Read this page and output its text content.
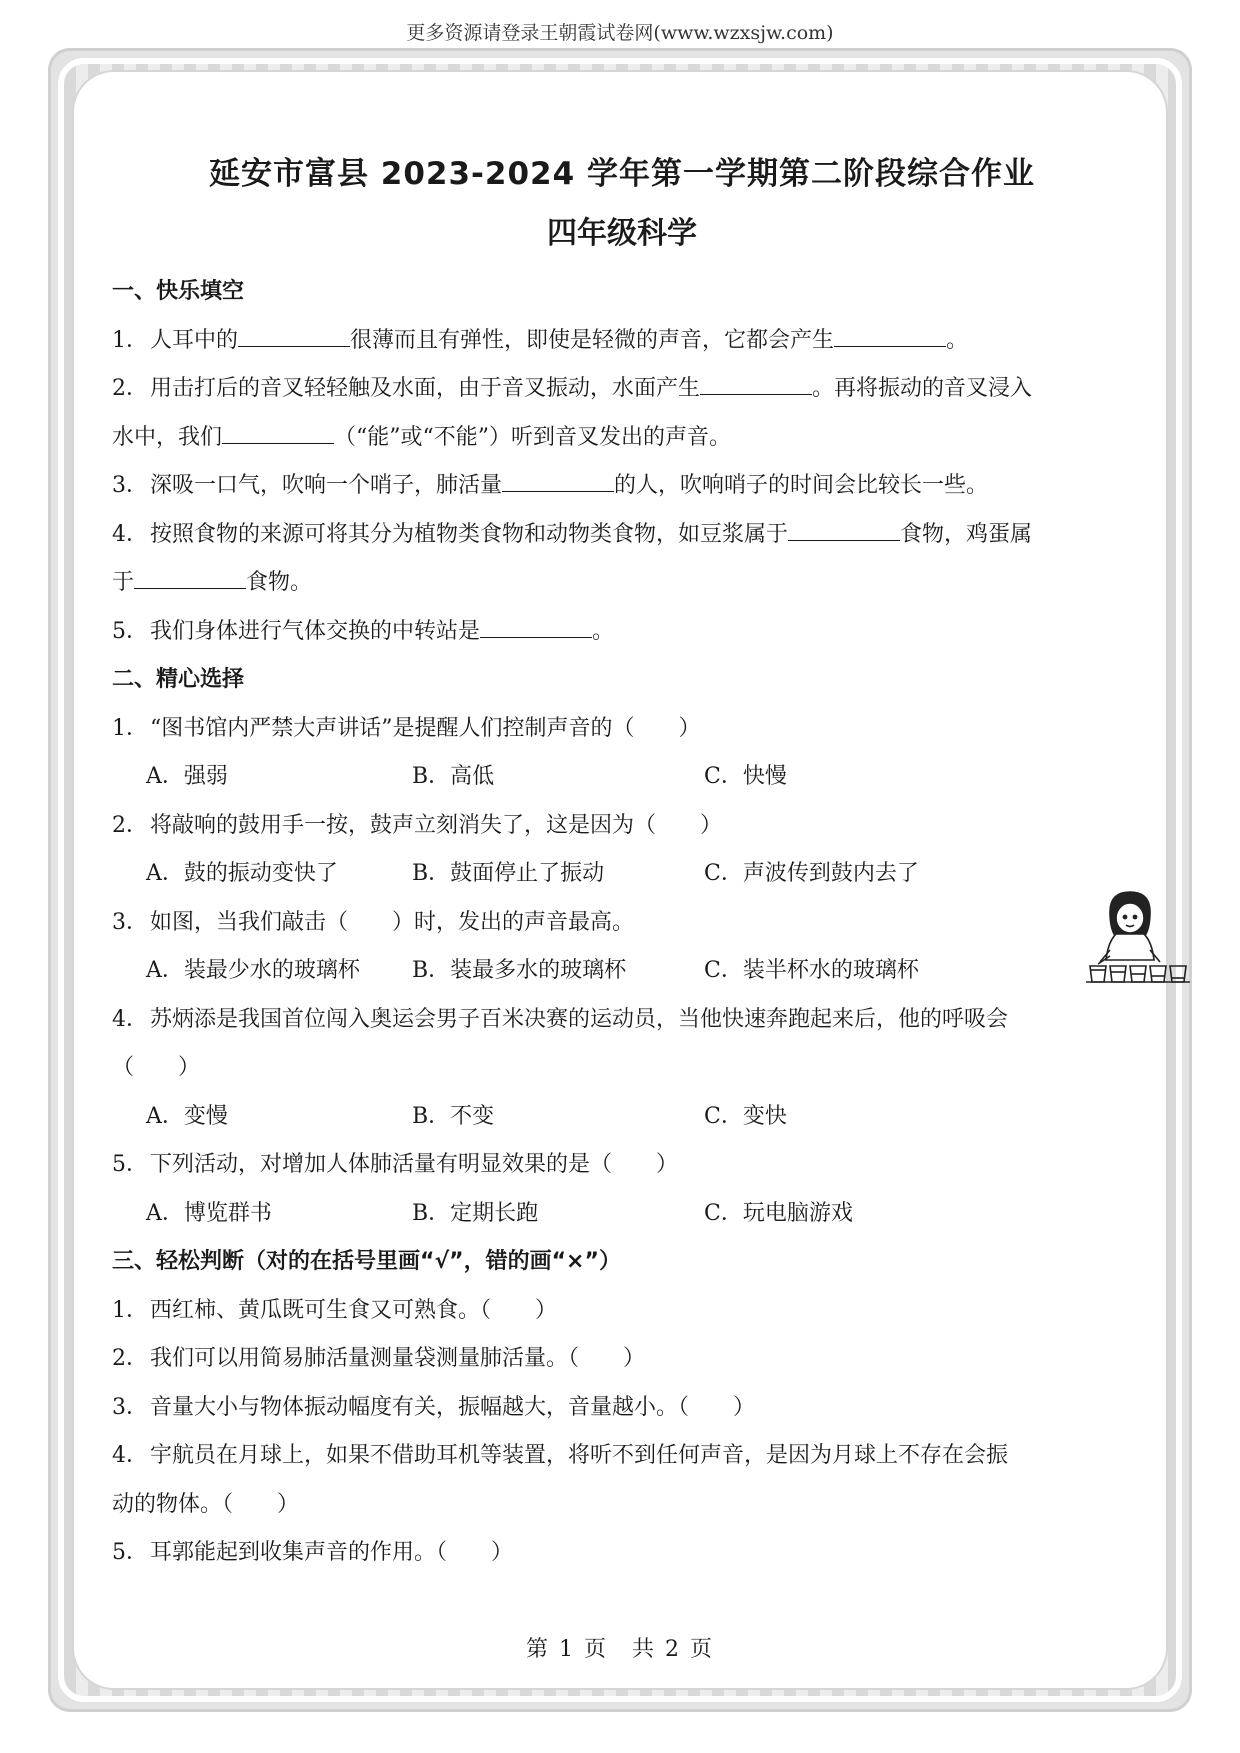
更多资源请登录王朝霞试卷网(www.wzxsjw.com)
延安市富县 2023-2024 学年第一学期第二阶段综合作业
四年级科学
一、快乐填空
1．人耳中的	很薄而且有弹性，即使是轻微的声音，它都会产生	。
2．用击打后的音叉轻轻触及水面，由于音叉振动，水面产生	。再将振动的音叉浸入
水中，我们	（“能”或“不能”）听到音叉发出的声音。
3．深吸一口气，吹响一个哨子，肺活量	的人，吹响哨子的时间会比较长一些。
4．按照食物的来源可将其分为植物类食物和动物类食物，如豆浆属于	食物，鸡蛋属
于	食物。
5．我们身体进行气体交换的中转站是	。
二、精心选择
1．“图书馆内严禁大声讲话”是提醒人们控制声音的（　　）
A．强弱	B．高低	C．快慢
2．将敲响的鼓用手一按，鼓声立刻消失了，这是因为（　　）
A．鼓的振动变快了	B．鼓面停止了振动	C．声波传到鼓内去了
3．如图，当我们敲击（　　）时，发出的声音最高。
A．装最少水的玻璃杯 B．装最多水的玻璃杯	C．装半杯水的玻璃杯
4．苏炳添是我国首位闯入奥运会男子百米决赛的运动员，当他快速奔跑起来后，他的呼吸会
（　　）
A．变慢	B．不变	C．变快
5．下列活动，对增加人体肺活量有明显效果的是（　　）
A．博览群书	B．定期长跑	C．玩电脑游戏
三、轻松判断（对的在括号里画“√”，错的画“×”）
1．西红柿、黄瓜既可生食又可熟食。（　　）
2．我们可以用简易肺活量测量袋测量肺活量。（　　）
3．音量大小与物体振动幅度有关，振幅越大，音量越小。（　　）
4．宇航员在月球上，如果不借助耳机等装置，将听不到任何声音，是因为月球上不存在会振
动的物体。（　　）
5．耳郭能起到收集声音的作用。（　　）
第 1 页　共 2 页
